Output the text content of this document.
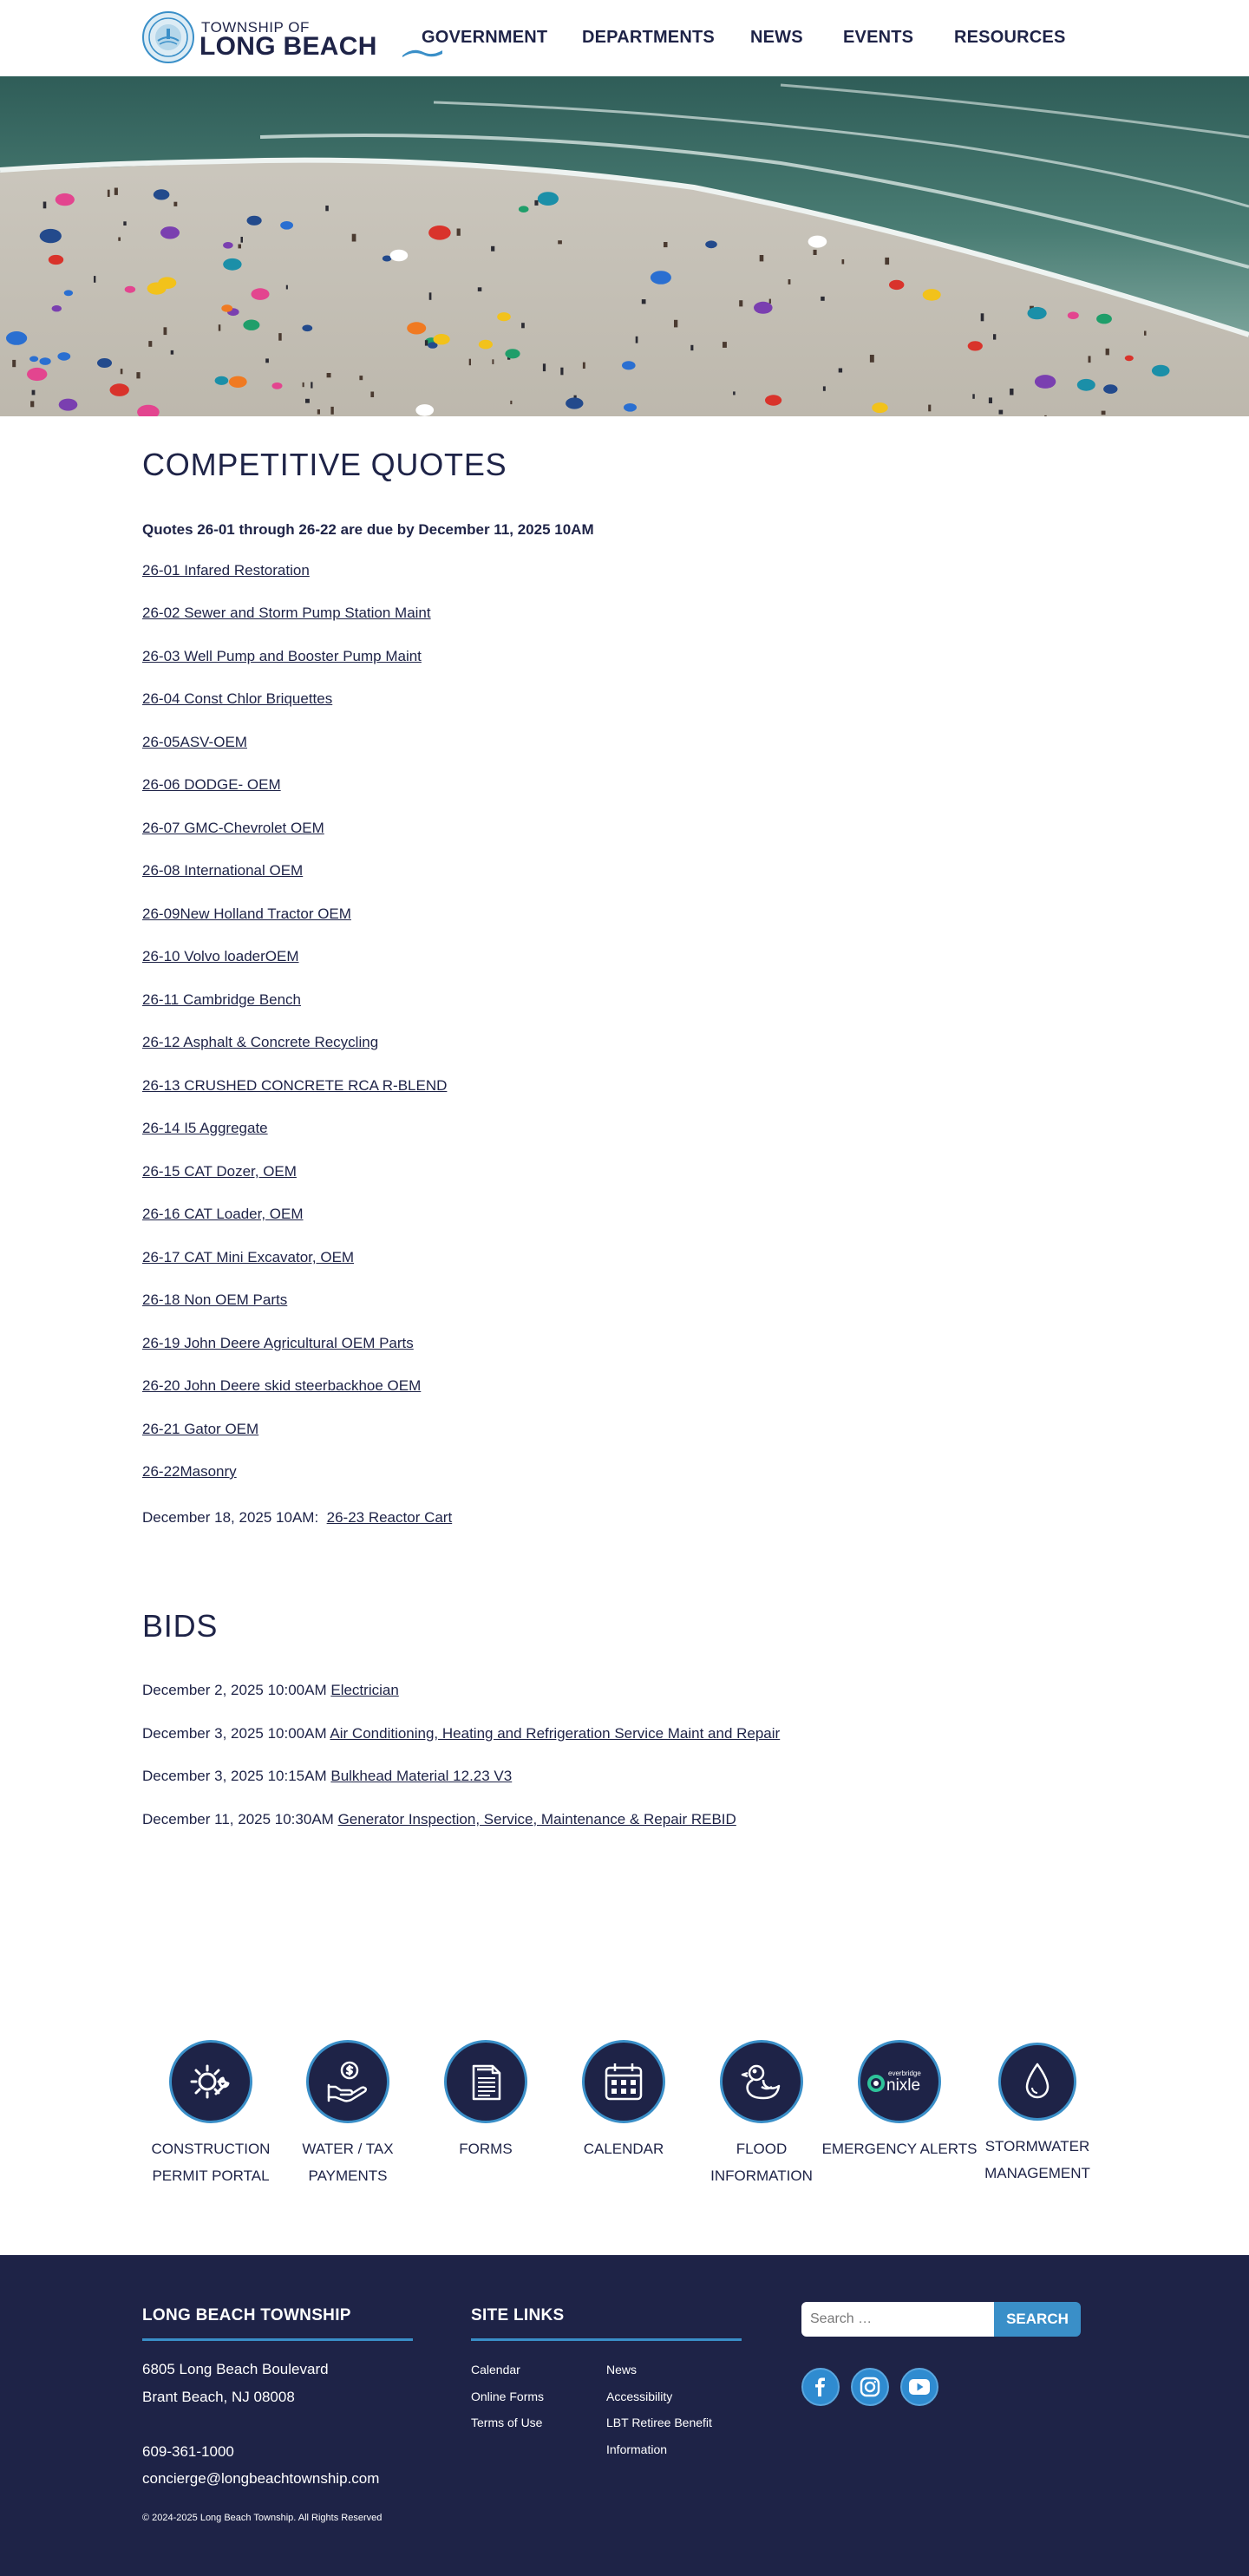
TOWNSHIP OF
LONG BEACH	GOVERNMENT DEPARTMENTS NEWS EVENTS RESOURCES
COMPETITIVE QUOTES
Quotes 26-01 through 26-22 are due by December 11, 2025 10AM
26-01 Infared Restoration
26-02 Sewer and Storm Pump Station Maint
26-03 Well Pump and Booster Pump Maint
26-04 Const Chlor Briquettes
26-05ASV-OEM
26-06 DODGE- OEM
26-07 GMC-Chevrolet OEM
26-08 International OEM
26-09New Holland Tractor OEM
26-10 Volvo loaderOEM
26-11 Cambridge Bench
26-12 Asphalt & Concrete Recycling
26-13 CRUSHED CONCRETE RCA R-BLEND
26-14 I5 Aggregate
26-15 CAT Dozer, OEM
26-16 CAT Loader, OEM
26-17 CAT Mini Excavator, OEM
26-18 Non OEM Parts
26-19 John Deere Agricultural OEM Parts
26-20 John Deere skid steerbackhoe OEM
26-21 Gator OEM
26-22Masonry
December 18, 2025 10AM: 26-23 Reactor Cart
BIDS
December 2, 2025 10:00AM Electrician
December 3, 2025 10:00AM Air Conditioning, Heating and Refrigeration Service Maint and Repair
December 3, 2025 10:15AM Bulkhead Material 12.23 V3
December 11, 2025 10:30AM Generator Inspection, Service, Maintenance & Repair REBID
CONSTRUCTION PERMIT PORTAL
WATER / TAX PAYMENTS
FORMS	CALENDAR	FLOOD INFORMATION
everbridge
nixle
EMERGENCY ALERTS STORMWATER MANAGEMENT
LONG BEACH TOWNSHIP
6805 Long Beach Boulevard
Brant Beach, NJ 08008
609-361-1000
concierge@longbeachtownship.com
© 2024-2025 Long Beach Township. All Rights Reserved
SITE LINKS
Calendar
Online Forms
Terms of Use
News
Accessibility
LBT Retiree Benefit
Information
Search …
SEARCH
